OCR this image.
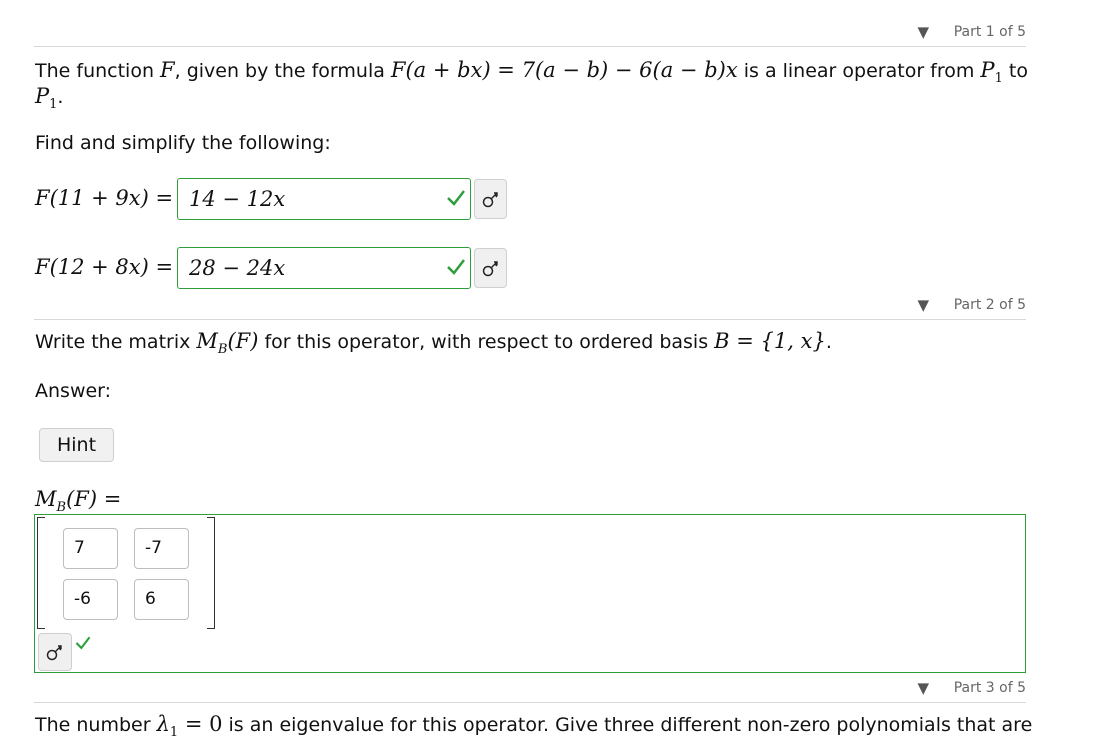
▼ Part 1 of 5
The function F, given by the formula F(a + bx) = 7(a − b) − 6(a − b)x is a linear operator from $P_1$ to
$P_1$.
Find and simplify the following:
F(11 + 9x) = 14 − 12x
F(12 + 8x) = 28 − 24x
▼ Part 2 of 5
Write the matrix $M_B(F)$ for this operator, with respect to ordered basis B = {1, x}.
Answer:
Hint
$M_B(F)$ =
7	-7
-6	6
▼ Part 3 of 5
The number $\lambda_1 = 0$ is an eigenvalue for this operator. Give three different non-zero polynomials that are
